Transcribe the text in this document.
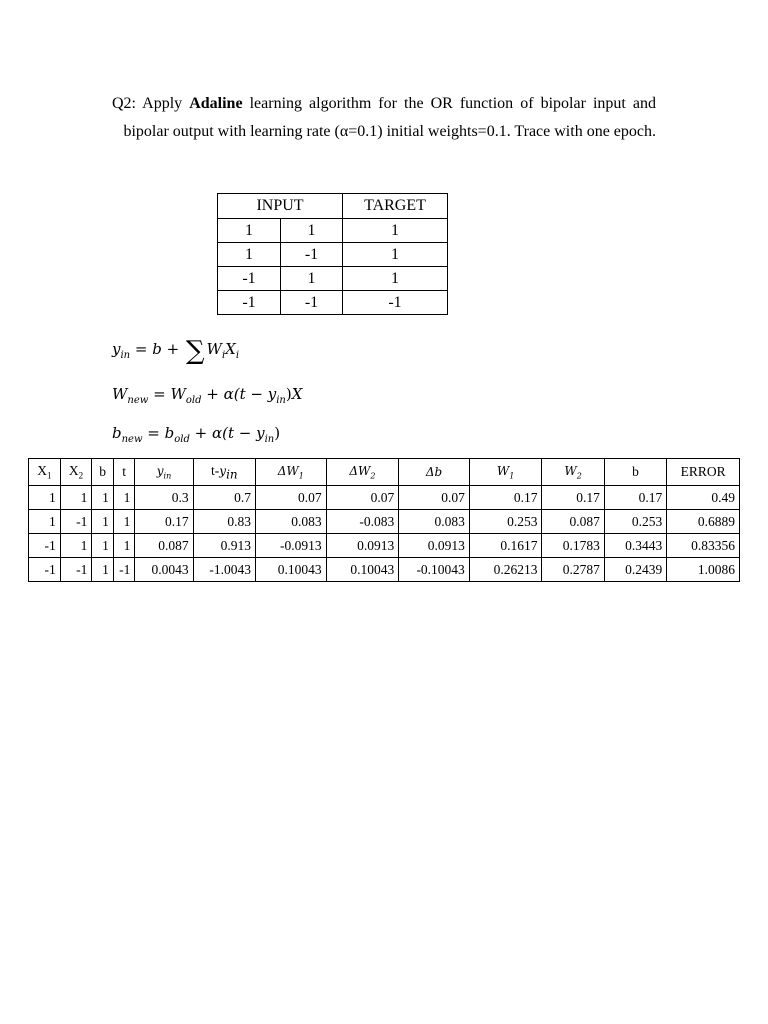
Q2: Apply Adaline learning algorithm for the OR function of bipolar input and bipolar output with learning rate (α=0.1) initial weights=0.1. Trace with one epoch.
INPUT		TARGET
1	1	1
1	-1	1
-1	1	1
-1	-1	-1
$y_{in} = b$ + ∑ $W_iX_i$
$W_{new} = W_{old} + \alpha(t - y_{in})X$
$b_{new} = b_{old} + \alpha(t - y_{in})$
$X_1$	$X_2$	b	t	$y_{in}$	$t-y_{in}$	$\Delta W_1$	$\Delta W_2$	Δb	$W_1$	$W_2$	b	ERROR
1	1	1	1	0.3	0.7	0.07	0.07	0.07	0.17	0.17	0.17	0.49
1	-1	1	1	0.17	0.83	0.083	-0.083	0.083	0.253	0.087	0.253	0.6889
-1	1	1	1	0.087	0.913	-0.0913	0.0913	0.0913	0.1617	0.1783	0.3443	0.83356
-1	-1	1	-1	0.0043	-1.0043	0.10043	0.10043	-0.10043	0.26213	0.2787	0.2439	1.0086
